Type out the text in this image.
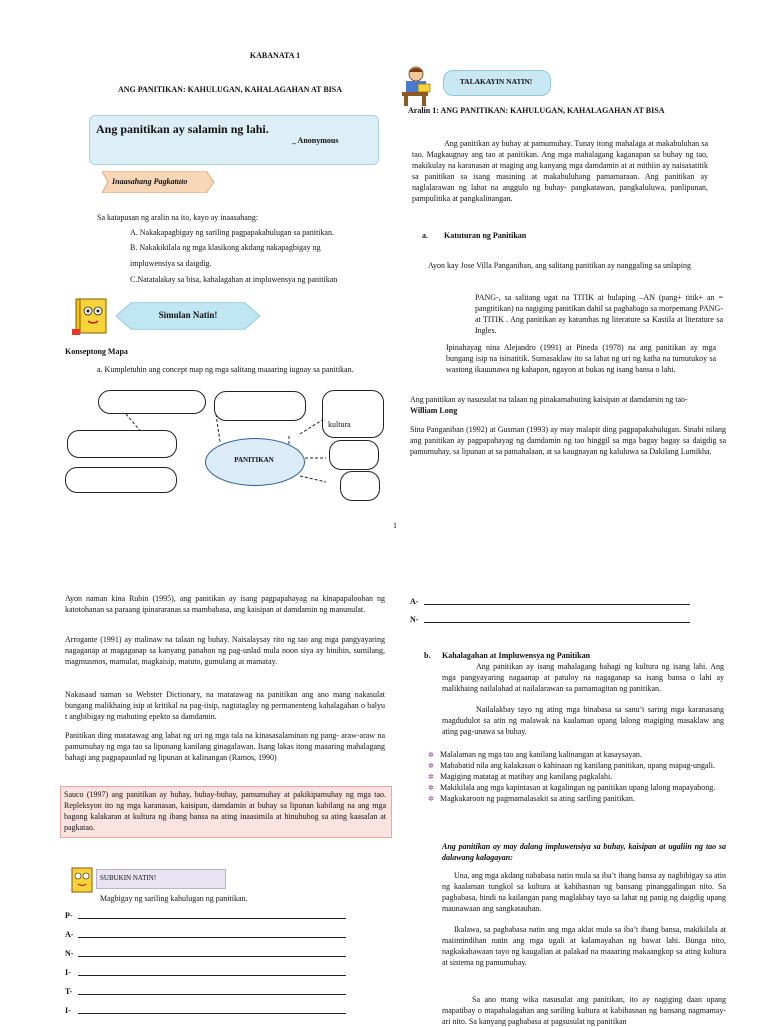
KABANATA 1
ANG PANITIKAN: KAHULUGAN, KAHALAGAHAN AT BISA
Ang panitikan ay salamin ng lahi.
_ Anonymous
Inaasahang Pagkatuto
Sa katapusan ng aralin na ito, kayo ay inaasahang:
A. Nakakapagbigay ng sariling pagpapakahulugan sa panitikan.
B. Nakakikilala ng mga klasikong akdang nakapagbigay ng
impluwensiya sa daigdig.
C.Natatalakay sa bisa, kahalagahan at impluwensya ng panitikan
Simulan Natin!
Konseptong Mapa
a. Kumpletuhin ang concept map ng mga salitang maaaring iugnay sa panitikan.
kultura
PANITIKAN
TALAKAYIN NATIN!
Aralin 1: ANG PANITIKAN: KAHULUGAN, KAHALAGAHAN AT BISA
Ang panitikan ay buhay at pamumuhay. Tunay itong mahalaga at makabuluhan sa tao. Magkaugnay ang tao at panitikan. Ang mga mahalagang kaganapan sa buhay ng tao, makikulay na karanasan at maging ang kanyang mga damdamin at at mithiin ay naisasatitik sa panitikan sa isang masining at makabuluhang pamamaraan. Ang panitikan ay naglalarawan ng lahat na anggulo ng buhay- pangkatawan, pangkaluluwa, panlipunan, pampulitika at pangkalinangan.
a. Katuturan ng Panitikan
Ayon kay Jose Villa Panganiban, ang salitang panitikan ay nanggaling sa unlaping
PANG-, sa salitang ugat na TITIK at hulaping –AN (pang+ titik+ an = pangtitikan) na nagiging panitikan dahil sa pagbabago sa morpemang PANG- at TITIK . Ang panitikan ay katumbas ng literature sa Kastila at literature sa Ingles.
Ipinahayag nina Alejandro (1991) at Pineda (1978) na ang panitikan ay mga bungang isip na isinatitik. Sumasaklaw ito sa lahat ng uri ng katha na tumutukoy sa wastong ikauunawa ng kahapon, ngayon at bukas ng isang bansa o lahi.
Ang panitikan ay nasusulat na talaan ng pinakamabuting kaisipan at damdamin ng tao-
William Long
Sina Panganiban (1992) at Gusman (1993) ay may malapit ding pagpapakahulugan. Sinabi nilang ang panitikan ay pagpapahayag ng damdamin ng tao hinggil sa mga bagay bagay sa daigdig sa pamumuhay, sa lipunan at sa pamahalaan, at sa kaugnayan ng kaluluwa sa Dakilang Lumikha.
1
Ayon naman kina Rubin (1995), ang panitikan ay isang pagpapahayag na kinapapalooban ng katotohanan sa paraang ipinararanas sa mambabasa, ang kaisipan at damdamin ng manunulat.
Arrogante (1991) ay malinaw na talaan ng buhay. Naisalaysay rito ng tao ang mga pangyayaring nagaganap at magaganap sa kanyang panahon ng pag-unlad mula noon siya ay binihin, sumilang, magmusmos, mamulat, magkaisip, matuto, gumulang at mamatay.
Nakasaad naman sa Webster Dictionary, na matatawag na panitikan ang ano mang nakasulat bungang malikhaing isip at kritikal na pag-iisip, nagtataglay ng permanenteng kahalagahan o balyu t angbibigay ng mabuting epekto sa damdamin.
Panitikan ding matatawag ang lahat ng uri ng mga tala na kinasasalaminan ng pang- araw-araw na pamumuhay ng mga tao sa lipunang kanilang ginagalawan. Isang lakas itong maaaring mahalagang bahagi ang pagpapaunlad ng lipunan at kalinangan (Ramos, 1990)
Sauco (1997) ang panitikan ay buhay, buhay-buhay, pamumuhay at pakikipamuhay ng mga tao. Repleksyon ito ng mga karanasan, kaisipan, damdamin at buhay sa lipunan kabilang na ang mga bagong kalakaran at kultura ng ibang bansa na ating inaasimila at hinuhubog sa ating kaasalan at pagkatao.
SUBUKIN NATIN!
Magbigay ng sariling kahulugan ng panitikan.
P-
A-
N-
I-
T-
I-
A-
N-
b. Kahalagahan at Impluwensya ng Panitikan
Ang panitikan ay isang mahalagang bahagi ng kultura ng isang lahi. Ang mga pangyayaring nagaanap at patuloy na nagaganap sa isang bansa o lahi ay malikhaing nailalahad at nailalarawan sa pamamagitan ng panitikan.
Nailalakbay tayo ng ating mga binabasa sa sanu’t saring mga karanasang magdudulot sa atin ng malawak na kaalaman upang lalong magiging masaklaw ang ating pag-unawa sa buhay.
✲ Malalaman ng mga tao ang kanilang kalinangan at kasaysayan.
✲ Mababatid nila ang kalakasan o kahinaan ng kanilang panitikan, upang mapag-ungali.
✲ Magiging matatag at matibay ang kanilang pagkalahi.
✲ Makikilala ang mga kapintasan at kagalingan ng panitikan upang lalong mapayabong.
✲ Magkakaroon ng pagmamalasakit sa ating sariling panitikan.
Ang panitikan ay may dalang impluwensiya sa buhay, kaisipan at ugaliin ng tao sa dalawang kalagayan:
Una, ang mga akdang nababasa natin mula sa iba’t ibang bansa ay nagbibigay sa atin ng kaalaman tungkol sa kultura at kabihasnan ng bansang pinanggalingan nito. Sa pagbabasa, hindi na kailangan pang maglakbay tayo sa lahat ng panig ng daigdig upang maunawaan ang sangkatauhan.
Ikalawa, sa pagbabasa natin ang mga aklat mula sa iba’t ibang bansa, makikilala at maiintindihan natin ang mga ugali at kalamayahan ng bawat lahi. Bunga nito, nagkakahawaan tayo ng kaugalian at palakad na maaaring makaangkop sa ating kultura at sistema ng pamumuhay.
Sa ano mang wika nasusulat ang panitikan, ito ay nagiging daan upang mapatibay o mapahalagahan ang sariling kultura at kabihasnan ng bansang nagmamay-ari nito. Sa kanyang pagbabasa at pagsusulat ng panitikan
